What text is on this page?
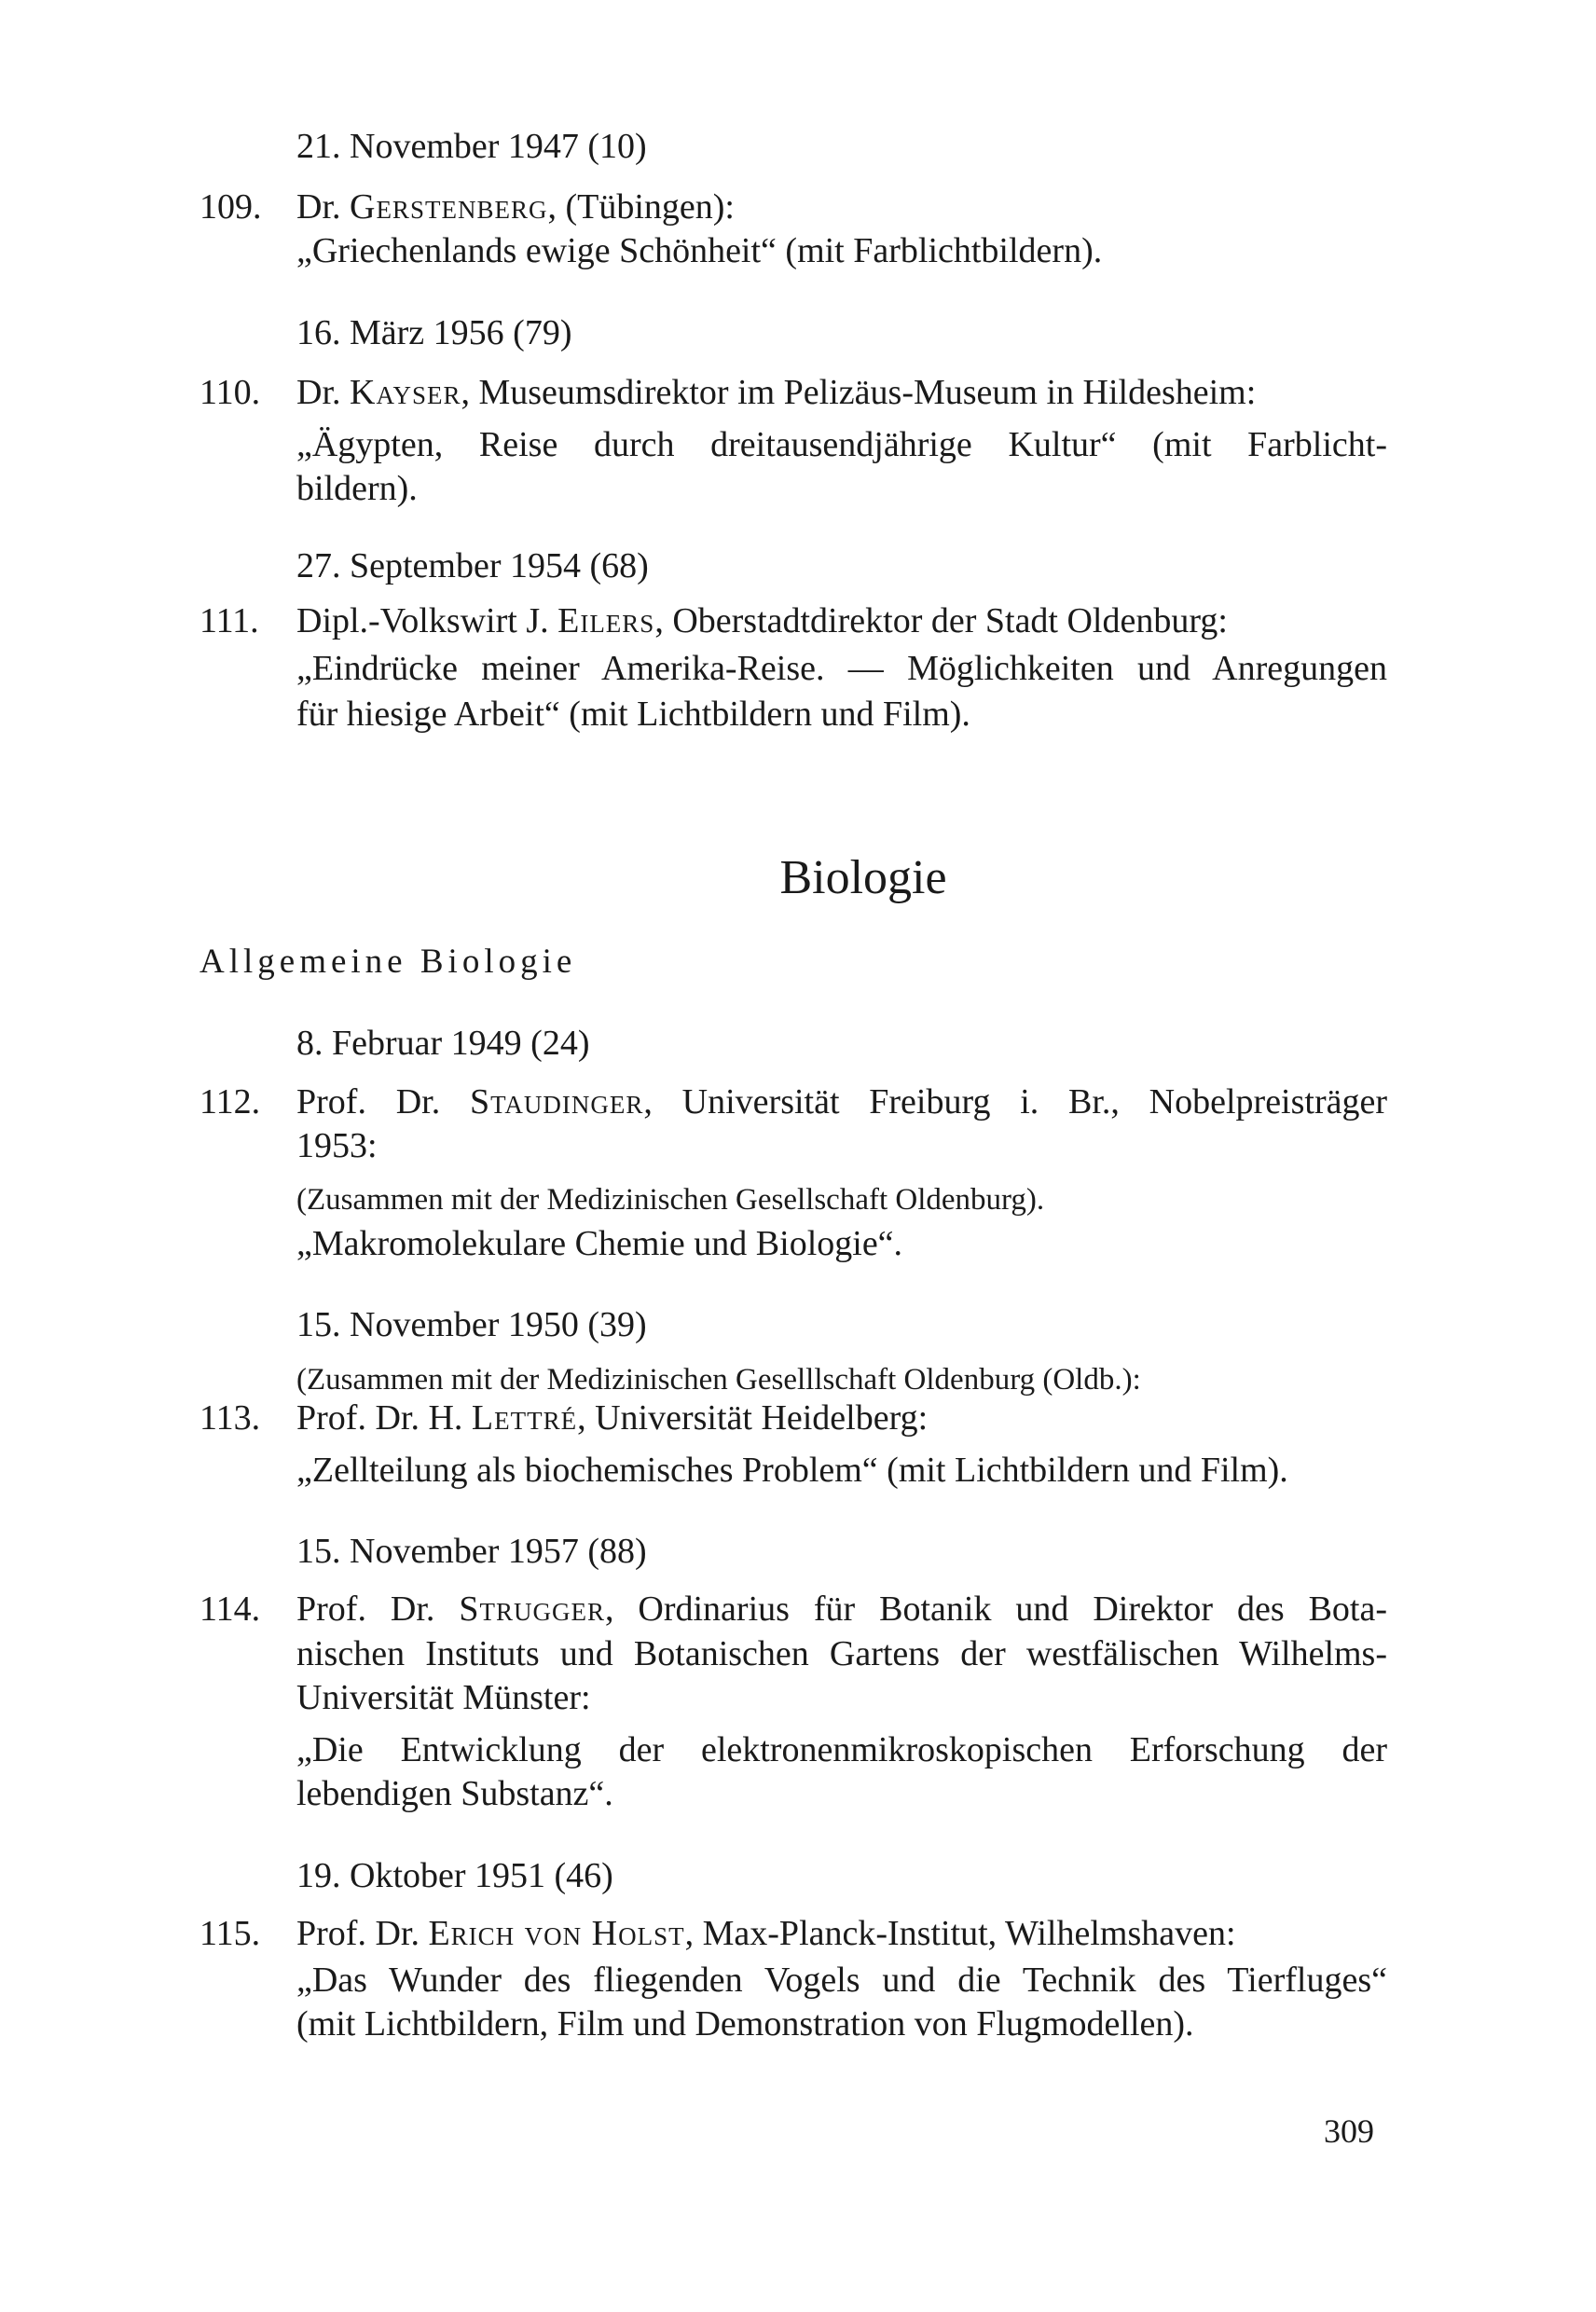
21. November 1947 (10)
109. Dr. Gerstenberg, (Tübingen):
„Griechenlands ewige Schönheit“ (mit Farblichtbildern).
16. März 1956 (79)
110. Dr. Kayser, Museumsdirektor im Pelizäus-Museum in Hildesheim:
„Ägypten, Reise durch dreitausendjährige Kultur“ (mit Farblicht-
bildern).
27. September 1954 (68)
111. Dipl.-Volkswirt J. Eilers, Oberstadtdirektor der Stadt Oldenburg:
„Eindrücke meiner Amerika-Reise. — Möglichkeiten und Anregungen
für hiesige Arbeit“ (mit Lichtbildern und Film).
Biologie
Allgemeine Biologie
8. Februar 1949 (24)
112. Prof. Dr. Staudinger, Universität Freiburg i. Br., Nobelpreisträger
1953:
(Zusammen mit der Medizinischen Gesellschaft Oldenburg).
„Makromolekulare Chemie und Biologie“.
15. November 1950 (39)
(Zusammen mit der Medizinischen Geselllschaft Oldenburg (Oldb.):
113. Prof. Dr. H. Lettré, Universität Heidelberg:
„Zellteilung als biochemisches Problem“ (mit Lichtbildern und Film).
15. November 1957 (88)
114. Prof. Dr. Strugger, Ordinarius für Botanik und Direktor des Bota-
nischen Instituts und Botanischen Gartens der westfälischen Wilhelms-
Universität Münster:
„Die Entwicklung der elektronenmikroskopischen Erforschung der
lebendigen Substanz“.
19. Oktober 1951 (46)
115. Prof. Dr. Erich von Holst, Max-Planck-Institut, Wilhelmshaven:
„Das Wunder des fliegenden Vogels und die Technik des Tierfluges“
(mit Lichtbildern, Film und Demonstration von Flugmodellen).
309
